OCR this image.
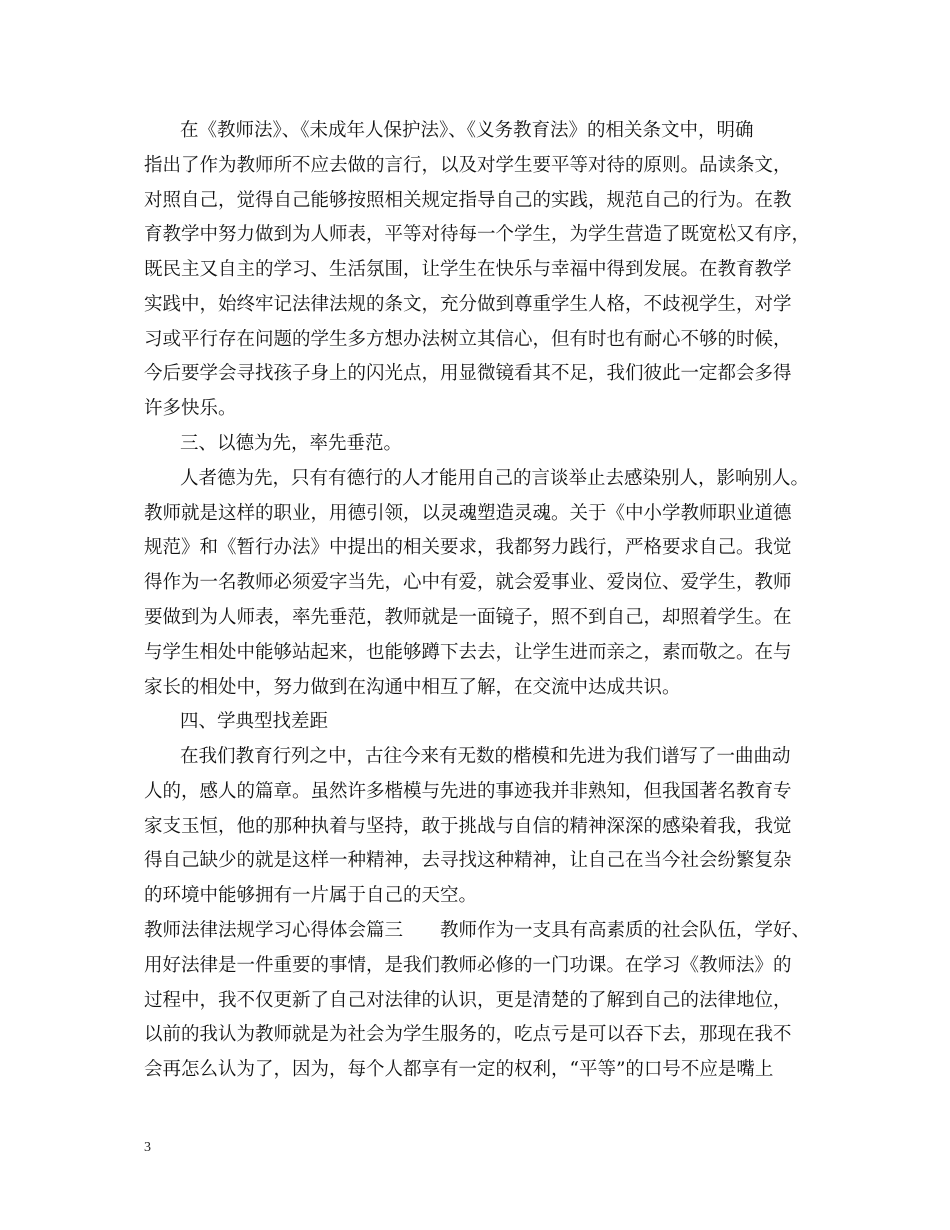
在《教师法》、《未成年人保护法》、《义务教育法》的相关条文中，明确
指出了作为教师所不应去做的言行，以及对学生要平等对待的原则。品读条文，
对照自己，觉得自己能够按照相关规定指导自己的实践，规范自己的行为。在教
育教学中努力做到为人师表，平等对待每一个学生，为学生营造了既宽松又有序，
既民主又自主的学习、生活氛围，让学生在快乐与幸福中得到发展。在教育教学
实践中，始终牢记法律法规的条文，充分做到尊重学生人格，不歧视学生，对学
习或平行存在问题的学生多方想办法树立其信心，但有时也有耐心不够的时候，
今后要学会寻找孩子身上的闪光点，用显微镜看其不足，我们彼此一定都会多得
许多快乐。
三、以德为先，率先垂范。
人者德为先，只有有德行的人才能用自己的言谈举止去感染别人，影响别人。
教师就是这样的职业，用德引领，以灵魂塑造灵魂。关于《中小学教师职业道德
规范》和《暂行办法》中提出的相关要求，我都努力践行，严格要求自己。我觉
得作为一名教师必须爱字当先，心中有爱，就会爱事业、爱岗位、爱学生，教师
要做到为人师表，率先垂范，教师就是一面镜子，照不到自己，却照着学生。在
与学生相处中能够站起来，也能够蹲下去去，让学生进而亲之，素而敬之。在与
家长的相处中，努力做到在沟通中相互了解，在交流中达成共识。
四、学典型找差距
在我们教育行列之中，古往今来有无数的楷模和先进为我们谱写了一曲曲动
人的，感人的篇章。虽然许多楷模与先进的事迹我并非熟知，但我国著名教育专
家支玉恒，他的那种执着与坚持，敢于挑战与自信的精神深深的感染着我，我觉
得自己缺少的就是这样一种精神，去寻找这种精神，让自己在当今社会纷繁复杂
的环境中能够拥有一片属于自己的天空。
教师法律法规学习心得体会篇三　　教师作为一支具有高素质的社会队伍，学好、
用好法律是一件重要的事情，是我们教师必修的一门功课。在学习《教师法》的
过程中，我不仅更新了自己对法律的认识，更是清楚的了解到自己的法律地位，
以前的我认为教师就是为社会为学生服务的，吃点亏是可以吞下去，那现在我不
会再怎么认为了，因为，每个人都享有一定的权利，“平等”的口号不应是嘴上
3
